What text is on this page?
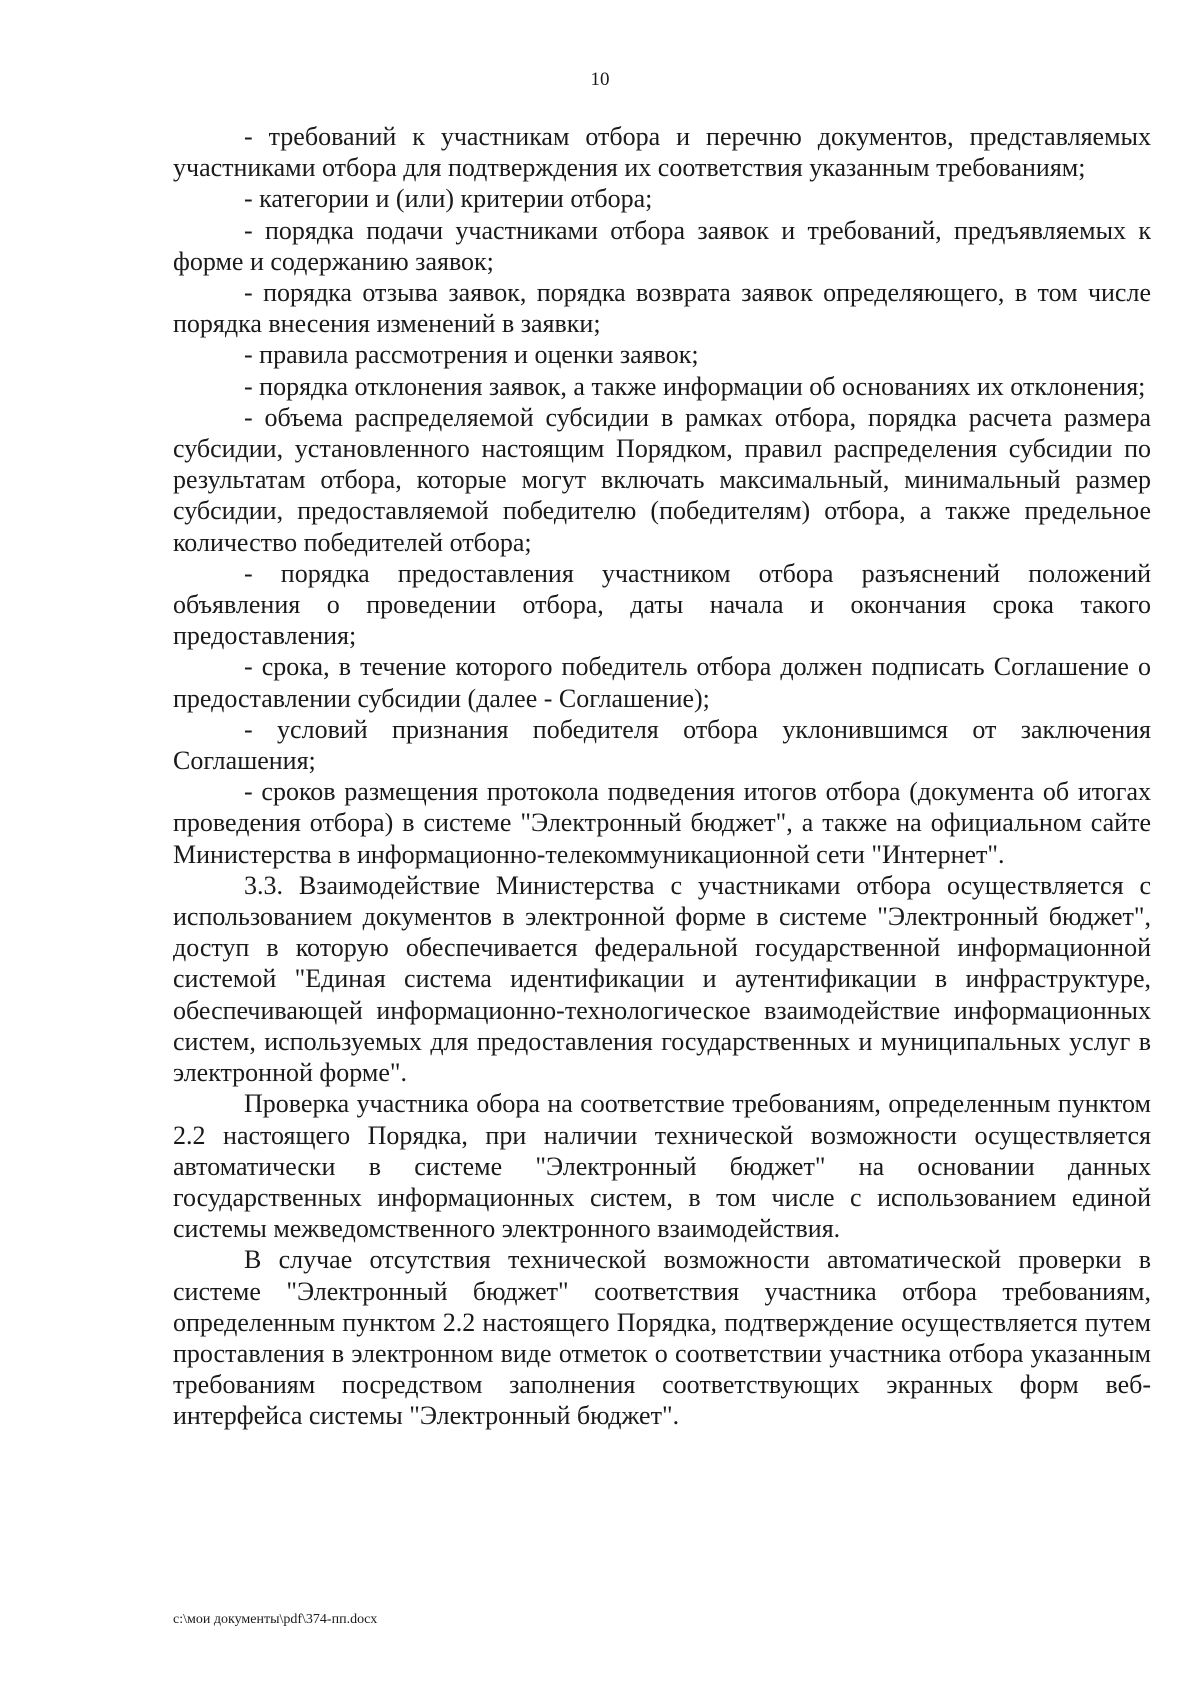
10

- требований к участникам отбора и перечню документов, представляемых участниками отбора для подтверждения их соответствия указанным требованиям;

- категории и (или) критерии отбора;

- порядка подачи участниками отбора заявок и требований, предъявляемых к форме и содержанию заявок;

- порядка отзыва заявок, порядка возврата заявок определяющего, в том числе порядка внесения изменений в заявки;

- правила рассмотрения и оценки заявок;

- порядка отклонения заявок, а также информации об основаниях их отклонения;

- объема распределяемой субсидии в рамках отбора, порядка расчета размера субсидии, установленного настоящим Порядком, правил распределения субсидии по результатам отбора, которые могут включать максимальный, минимальный размер субсидии, предоставляемой победителю (победителям) отбора, а также предельное количество победителей отбора;

- порядка предоставления участником отбора разъяснений положений объявления о проведении отбора, даты начала и окончания срока такого предоставления;

- срока, в течение которого победитель отбора должен подписать Соглашение о предоставлении субсидии (далее - Соглашение);

- условий признания победителя отбора уклонившимся от заключения Соглашения;

- сроков размещения протокола подведения итогов отбора (документа об итогах проведения отбора) в системе "Электронный бюджет", а также на официальном сайте Министерства в информационно-телекоммуникационной сети "Интернет".

3.3. Взаимодействие Министерства с участниками отбора осуществляется с использованием документов в электронной форме в системе "Электронный бюджет", доступ в которую обеспечивается федеральной государственной информационной системой "Единая система идентификации и аутентификации в инфраструктуре, обеспечивающей информационно-технологическое взаимодействие информационных систем, используемых для предоставления государственных и муниципальных услуг в электронной форме".

Проверка участника обора на соответствие требованиям, определенным пунктом 2.2 настоящего Порядка, при наличии технической возможности осуществляется автоматически в системе "Электронный бюджет" на основании данных государственных информационных систем, в том числе с использованием единой системы межведомственного электронного взаимодействия.

В случае отсутствия технической возможности автоматической проверки в системе "Электронный бюджет" соответствия участника отбора требованиям, определенным пунктом 2.2 настоящего Порядка, подтверждение осуществляется путем проставления в электронном виде отметок о соответствии участника отбора указанным требованиям посредством заполнения соответствующих экранных форм веб-интерфейса системы "Электронный бюджет".

c:\мои документы\pdf\374-пп.docx
